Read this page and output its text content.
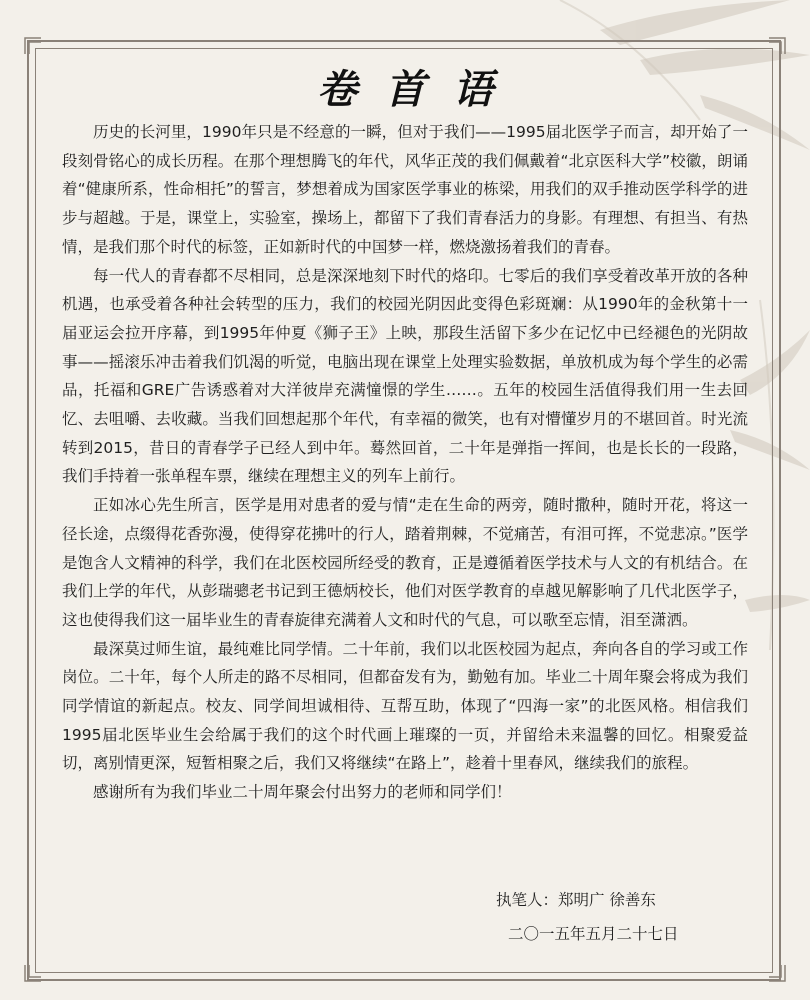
卷首语

历史的长河里，1990年只是不经意的一瞬，但对于我们——1995届北医学子而言，却开始了一段刻骨铭心的成长历程。在那个理想腾飞的年代，风华正茂的我们佩戴着“北京医科大学”校徽，朗诵着“健康所系，性命相托”的誓言，梦想着成为国家医学事业的栋梁，用我们的双手推动医学科学的进步与超越。于是，课堂上，实验室，操场上，都留下了我们青春活力的身影。有理想、有担当、有热情，是我们那个时代的标签，正如新时代的中国梦一样，燃烧激扬着我们的青春。

每一代人的青春都不尽相同，总是深深地刻下时代的烙印。七零后的我们享受着改革开放的各种机遇，也承受着各种社会转型的压力，我们的校园光阴因此变得色彩斑斓：从1990年的金秋第十一届亚运会拉开序幕，到1995年仲夏《狮子王》上映，那段生活留下多少在记忆中已经褪色的光阴故事——摇滚乐冲击着我们饥渴的听觉，电脑出现在课堂上处理实验数据，单放机成为每个学生的必需品，托福和GRE广告诱惑着对大洋彼岸充满憧憬的学生……。五年的校园生活值得我们用一生去回忆、去咀嚼、去收藏。当我们回想起那个年代，有幸福的微笑，也有对懵懂岁月的不堪回首。时光流转到2015，昔日的青春学子已经人到中年。蓦然回首，二十年是弹指一挥间，也是长长的一段路，我们手持着一张单程车票，继续在理想主义的列车上前行。

正如冰心先生所言，医学是用对患者的爱与情“走在生命的两旁，随时撒种，随时开花，将这一径长途，点缀得花香弥漫，使得穿花拂叶的行人，踏着荆棘，不觉痛苦，有泪可挥，不觉悲凉。”医学是饱含人文精神的科学，我们在北医校园所经受的教育，正是遵循着医学技术与人文的有机结合。在我们上学的年代，从彭瑞骢老书记到王德炳校长，他们对医学教育的卓越见解影响了几代北医学子，这也使得我们这一届毕业生的青春旋律充满着人文和时代的气息，可以歌至忘情，泪至潇洒。

最深莫过师生谊，最纯难比同学情。二十年前，我们以北医校园为起点，奔向各自的学习或工作岗位。二十年，每个人所走的路不尽相同，但都奋发有为，勤勉有加。毕业二十周年聚会将成为我们同学情谊的新起点。校友、同学间坦诚相待、互帮互助，体现了“四海一家”的北医风格。相信我们1995届北医毕业生会给属于我们的这个时代画上璀璨的一页，并留给未来温馨的回忆。相聚爱益切，离别情更深，短暂相聚之后，我们又将继续“在路上”，趁着十里春风，继续我们的旅程。

感谢所有为我们毕业二十周年聚会付出努力的老师和同学们！

执笔人：郑明广 徐善东
二〇一五年五月二十七日
